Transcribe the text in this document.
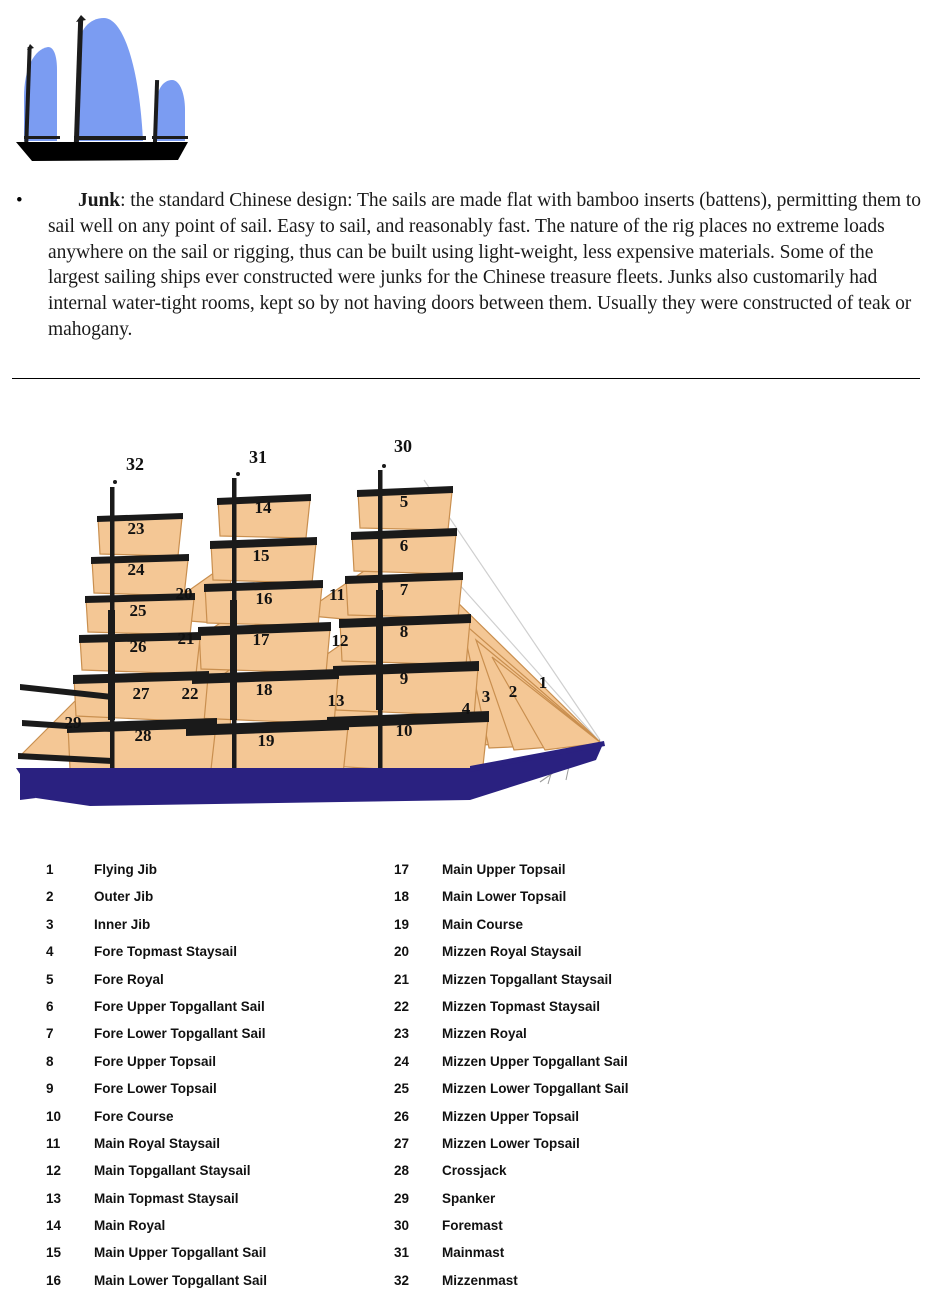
•	Junk: the standard Chinese design: The sails are made flat with bamboo inserts (battens), permitting them to sail well on any point of sail. Easy to sail, and reasonably fast. The nature of the rig places no extreme loads anywhere on the sail or rigging, thus can be built using light-weight, less expensive materials. Some of the largest sailing ships ever constructed were junks for the Chinese treasure fleets. Junks also customarily had internal water-tight rooms, kept so by not having doors between them. Usually they were constructed of teak or mahogany.
1
2
3
4
5
6
7
8
9
10
11
12
13
14
15
16
17
18
19
20
21
22
23
24
25
26
27
28
29
32	31
30
1	Flying Jib
2	Outer Jib
3	Inner Jib
4	Fore Topmast Staysail
5	Fore Royal
6	Fore Upper Topgallant Sail
7	Fore Lower Topgallant Sail
8	Fore Upper Topsail
9	Fore Lower Topsail
10	Fore Course
11	Main Royal Staysail
12	Main Topgallant Staysail
13	Main Topmast Staysail
14	Main Royal
15	Main Upper Topgallant Sail
16	Main Lower Topgallant Sail
17	Main Upper Topsail
18	Main Lower Topsail
19	Main Course
20	Mizzen Royal Staysail
21	Mizzen Topgallant Staysail
22	Mizzen Topmast Staysail
23	Mizzen Royal
24	Mizzen Upper Topgallant Sail
25	Mizzen Lower Topgallant Sail
26	Mizzen Upper Topsail
27	Mizzen Lower Topsail
28	Crossjack
29	Spanker
30	Foremast
31	Mainmast
32	Mizzenmast
